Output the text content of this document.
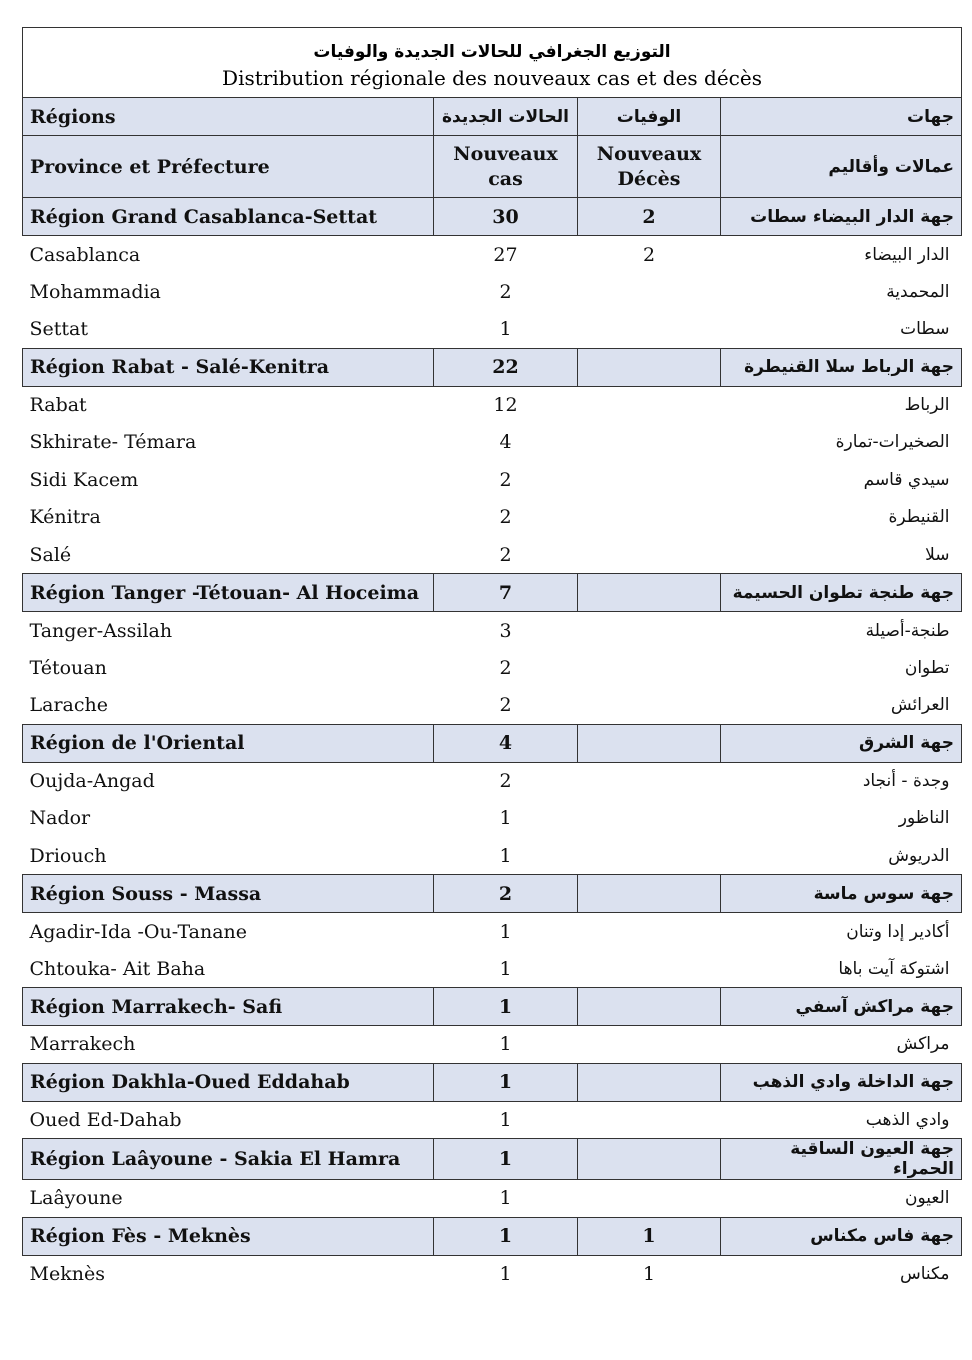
التوزيع الجغرافي للحالات الجديدة والوفيات
Distribution régionale des nouveaux cas et des décès			

Régions	الحالات الجديدة	الوفيات	جهات
Province et Préfecture	Nouveaux cas	Nouveaux Décès	عمالات وأقاليم
Région Grand Casablanca-Settat	30	2	جهة الدار البيضاء سطات
Casablanca	27	2	الدار البيضاء
Mohammadia	2		المحمدية
Settat	1		سطات
Région Rabat - Salé-Kenitra	22		جهة الرباط سلا القنيطرة
Rabat	12		الرباط
Skhirate- Témara	4		الصخيرات-تمارة
Sidi Kacem	2		سيدي قاسم
Kénitra	2		القنيطرة
Salé	2		سلا
Région Tanger -Tétouan- Al Hoceima	7		جهة طنجة تطوان الحسيمة
Tanger-Assilah	3		طنجة-أصيلة
Tétouan	2		تطوان
Larache	2		العرائش
Région de l'Oriental	4		جهة الشرق
Oujda-Angad	2		وجدة - أنجاد
Nador	1		الناظور
Driouch	1		الدريوش
Région Souss - Massa	2		جهة سوس ماسة
Agadir-Ida -Ou-Tanane	1		أكادير إدا وتنان
Chtouka- Ait Baha	1		اشتوكة آيت باها
Région Marrakech- Safi	1		جهة مراكش آسفي
Marrakech	1		مراكش
Région Dakhla-Oued Eddahab	1		جهة الداخلة وادي الذهب
Oued Ed-Dahab	1		وادي الذهب
Région Laâyoune - Sakia El Hamra	1		جهة العيون الساقية الحمراء
Laâyoune	1		العيون
Région Fès - Meknès	1	1	جهة فاس مكناس
Meknès	1	1	مكناس
